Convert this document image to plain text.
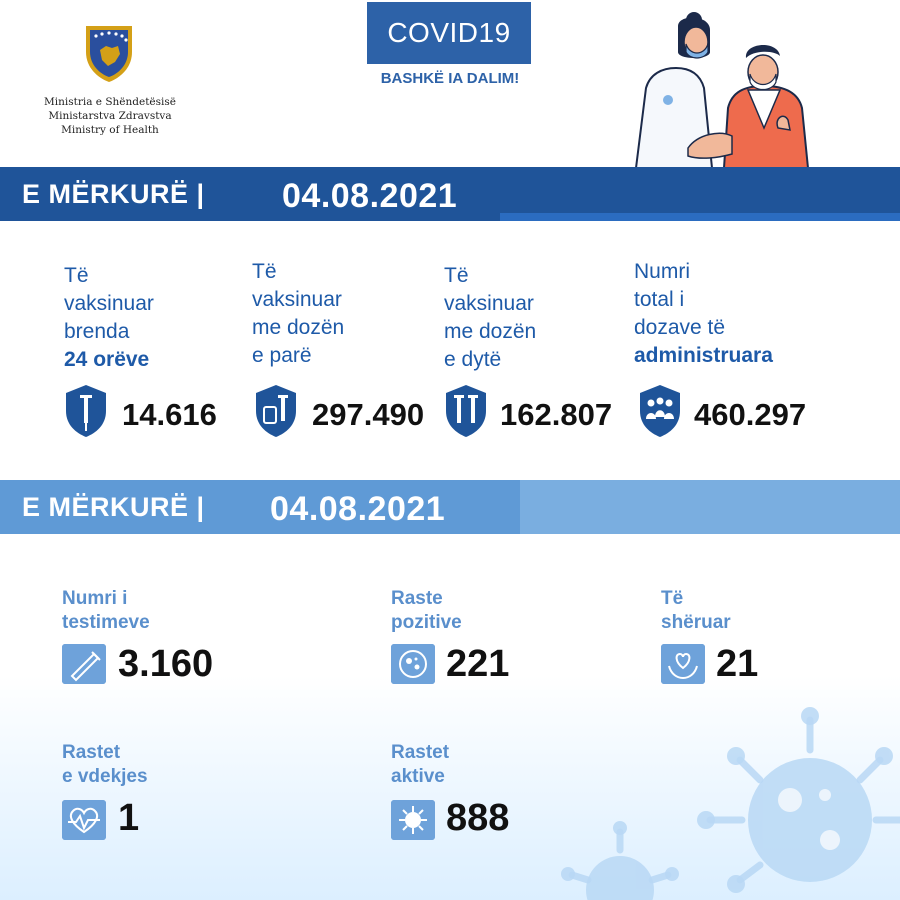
Ministria e Shëndetësisë
Ministarstva Zdravstva
Ministry of Health
COVID19
BASHKË IA DALIM!
E MËRKURË | 04.08.2021
Të
vaksinuar
brenda
24 orëve
Të
vaksinuar
me dozën
e parë
Të
vaksinuar
me dozën
e dytë
Numri
total i
dozave të
administruara
14.616	297.490 162.807	460.297
E MËRKURË | 04.08.2021
Numri i
testimeve
3.160
Raste
pozitive
221
Të
shëruar
21
Rastet
e vdekjes
1
Rastet
aktive
888
